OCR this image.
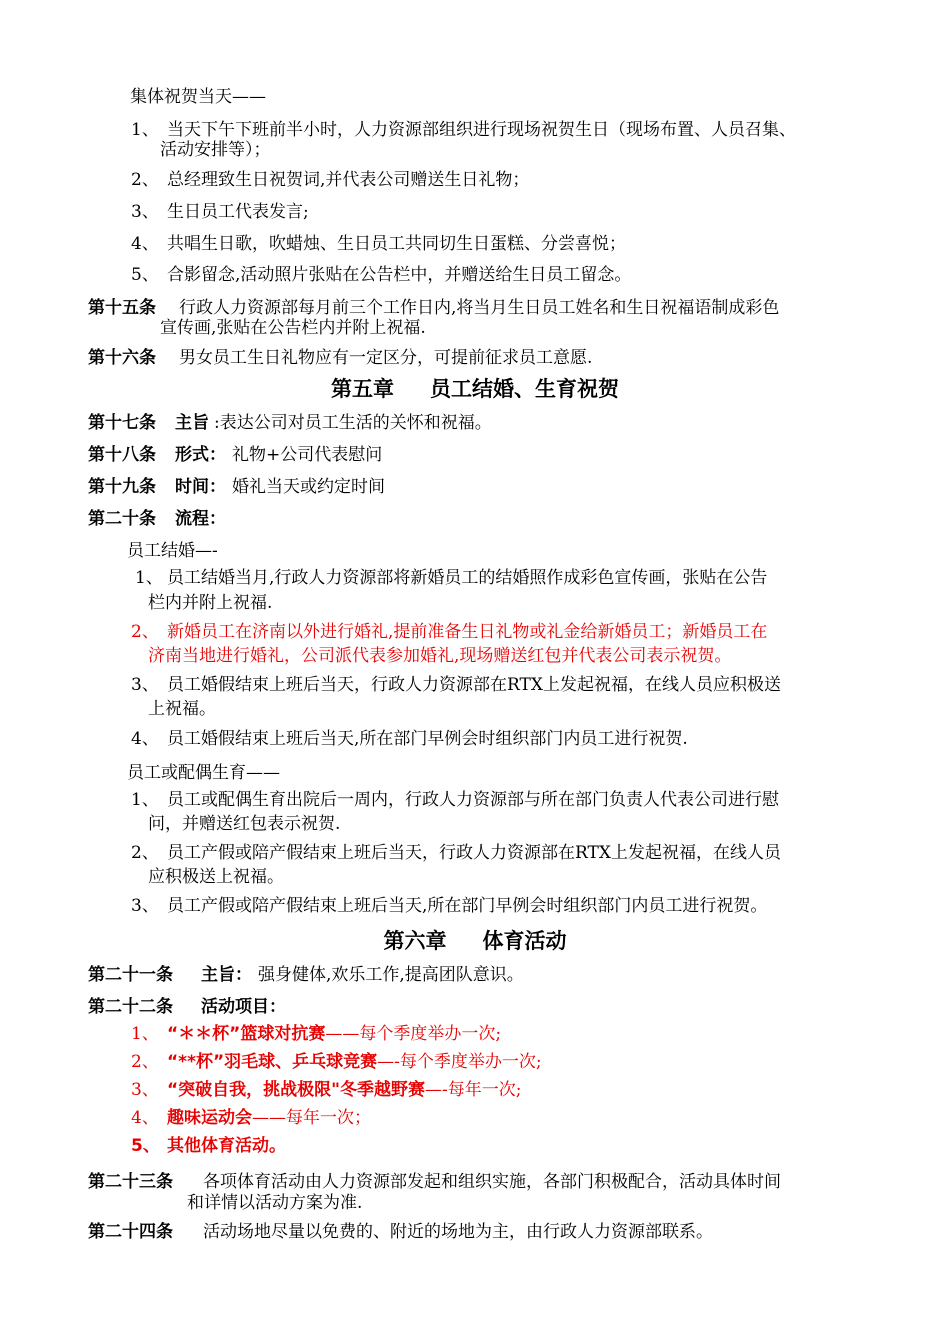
集体祝贺当天——
1、 当天下午下班前半小时，人力资源部组织进行现场祝贺生日（现场布置、人员召集、
活动安排等）；
2、 总经理致生日祝贺词,并代表公司赠送生日礼物；
3、 生日员工代表发言;
4、 共唱生日歌，吹蜡烛、生日员工共同切生日蛋糕、分尝喜悦；
5、 合影留念,活动照片张贴在公告栏中，并赠送给生日员工留念。
第十五条 行政人力资源部每月前三个工作日内,将当月生日员工姓名和生日祝福语制成彩色
宣传画,张贴在公告栏内并附上祝福.
第十六条 男女员工生日礼物应有一定区分，可提前征求员工意愿.
第五章 员工结婚、生育祝贺
第十七条 主旨 :表达公司对员工生活的关怀和祝福。
第十八条 形式： 礼物+公司代表慰问
第十九条 时间： 婚礼当天或约定时间
第二十条 流程：
员工结婚—-
1、 员工结婚当月,行政人力资源部将新婚员工的结婚照作成彩色宣传画，张贴在公告
栏内并附上祝福.
2、 新婚员工在济南以外进行婚礼,提前准备生日礼物或礼金给新婚员工；新婚员工在
济南当地进行婚礼，公司派代表参加婚礼,现场赠送红包并代表公司表示祝贺。
3、 员工婚假结束上班后当天，行政人力资源部在RTX上发起祝福，在线人员应积极送
上祝福。
4、 员工婚假结束上班后当天,所在部门早例会时组织部门内员工进行祝贺.
员工或配偶生育——
1、 员工或配偶生育出院后一周内，行政人力资源部与所在部门负责人代表公司进行慰
问，并赠送红包表示祝贺.
2、 员工产假或陪产假结束上班后当天，行政人力资源部在RTX上发起祝福，在线人员
应积极送上祝福。
3、 员工产假或陪产假结束上班后当天,所在部门早例会时组织部门内员工进行祝贺。
第六章 体育活动
第二十一条 主旨： 强身健体,欢乐工作,提高团队意识。
第二十二条 活动项目：
1、 “＊＊杯”篮球对抗赛——每个季度举办一次;
2、 “**杯”羽毛球、乒乓球竞赛—-每个季度举办一次;
3、 “突破自我，挑战极限"冬季越野赛—-每年一次;
4、 趣味运动会——每年一次；
5、 其他体育活动。
第二十三条 各项体育活动由人力资源部发起和组织实施，各部门积极配合，活动具体时间
和详情以活动方案为准.
第二十四条 活动场地尽量以免费的、附近的场地为主，由行政人力资源部联系。
